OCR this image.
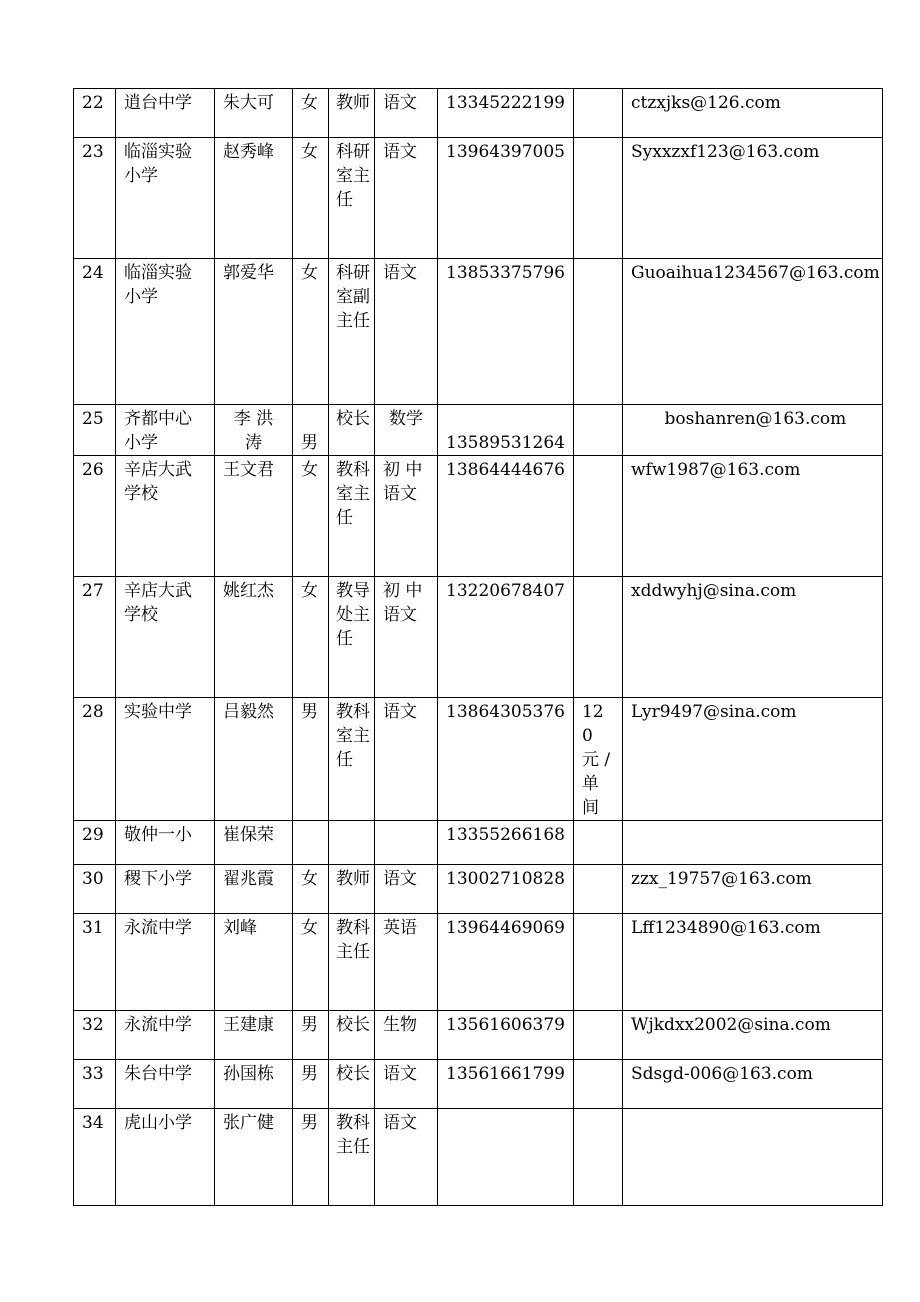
22	逍台中学	朱大可	女	教师	语文	13345222199		ctzxjks@126.com
23	临淄实验小学	赵秀峰	女	科研室主任	语文	13964397005		Syxxzxf123@163.com
24	临淄实验小学	郭爱华	女	科研室副主任	语文	13853375796		Guoaihua1234567@163.com
25	齐都中心小学	李 洪 涛	男	校长	数学	13589531264		boshanren@163.com

26	辛店大武学校	王文君	女	教科室主任	初 中 语文	13864444676		wfw1987@163.com
27	辛店大武学校	姚红杰	女	教导处主任	初 中 语文	13220678407		xddwyhj@sina.com
28	实验中学	吕毅然	男	教科室主任	语文	13864305376	120 元 / 单间	Lyr9497@sina.com
29	敬仲一小	崔保荣				13355266168		
30	稷下小学	翟兆霞	女	教师	语文	13002710828		zzx_19757@163.com
31	永流中学	刘峰	女	教科主任	英语	13964469069		Lff1234890@163.com
32	永流中学	王建康	男	校长	生物	13561606379		Wjkdxx2002@sina.com
33	朱台中学	孙国栋	男	校长	语文	13561661799		Sdsgd-006@163.com
34	虎山小学	张广健	男	教科主任	语文			
